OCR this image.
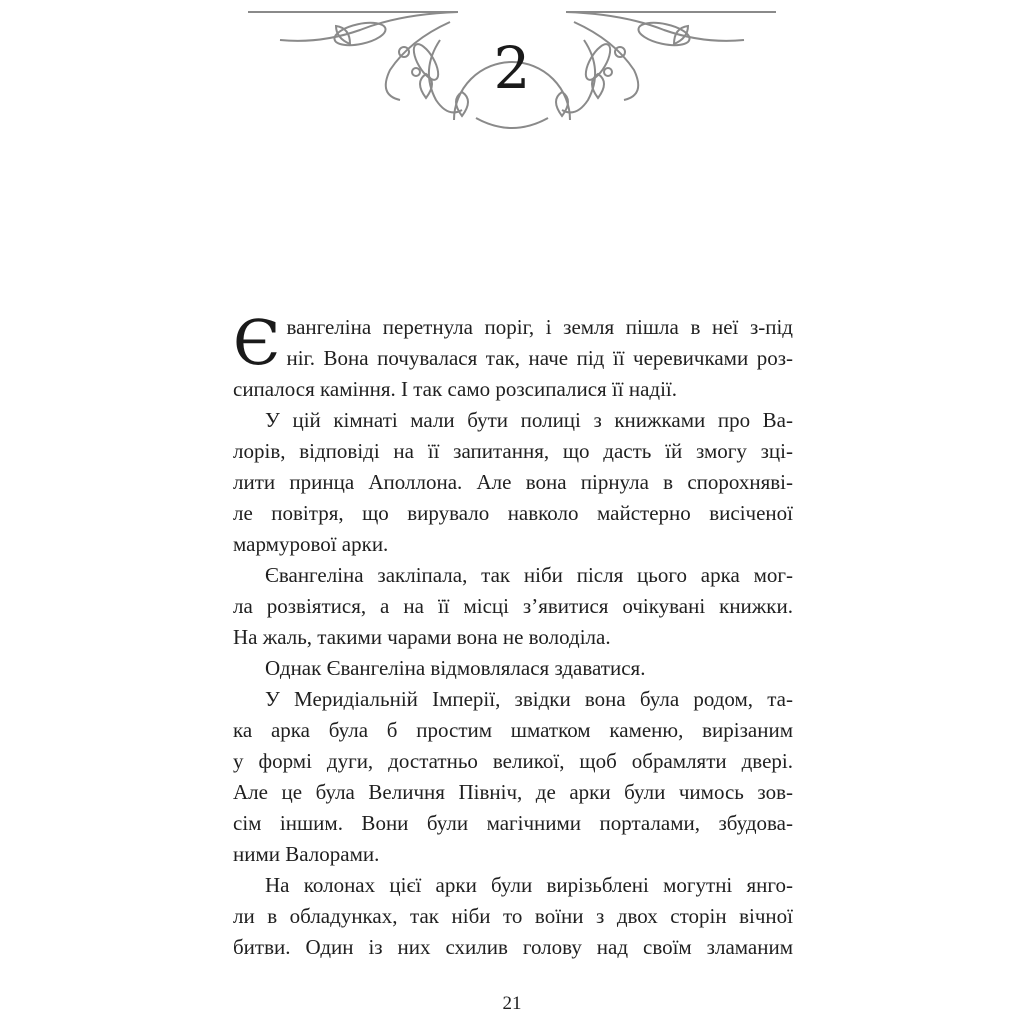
2

Є вангеліна перетнула поріг, і земля пішла в неї з-під
ніг. Вона почувалася так, наче під її черевичками роз-

сипалося каміння. І так само розсипалися її надії.

У цій кімнаті мали бути полиці з книжками про Ва-
лорів, відповіді на її запитання, що дасть їй змогу зці-
лити принца Аполлона. Але вона пірнула в спорохняві-
ле повітря, що вирувало навколо майстерно висіченої

мармурової арки.

Євангеліна закліпала, так ніби після цього арка мог-
ла розвіятися, а на її місці з’явитися очікувані книжки.

На жаль, такими чарами вона не володіла.

Однак Євангеліна відмовлялася здаватися.

У Меридіальній Імперії, звідки вона була родом, та-
ка арка була б простим шматком каменю, вирізаним
у формі дуги, достатньо великої, щоб обрамляти двері.
Але це була Величня Північ, де арки були чимось зов-
сім іншим. Вони були магічними порталами, збудова-

ними Валорами.

На колонах цієї арки були вирізьблені могутні янго-
ли в обладунках, так ніби то воїни з двох сторін вічної
битви. Один із них схилив голову над своїм зламаним

21
